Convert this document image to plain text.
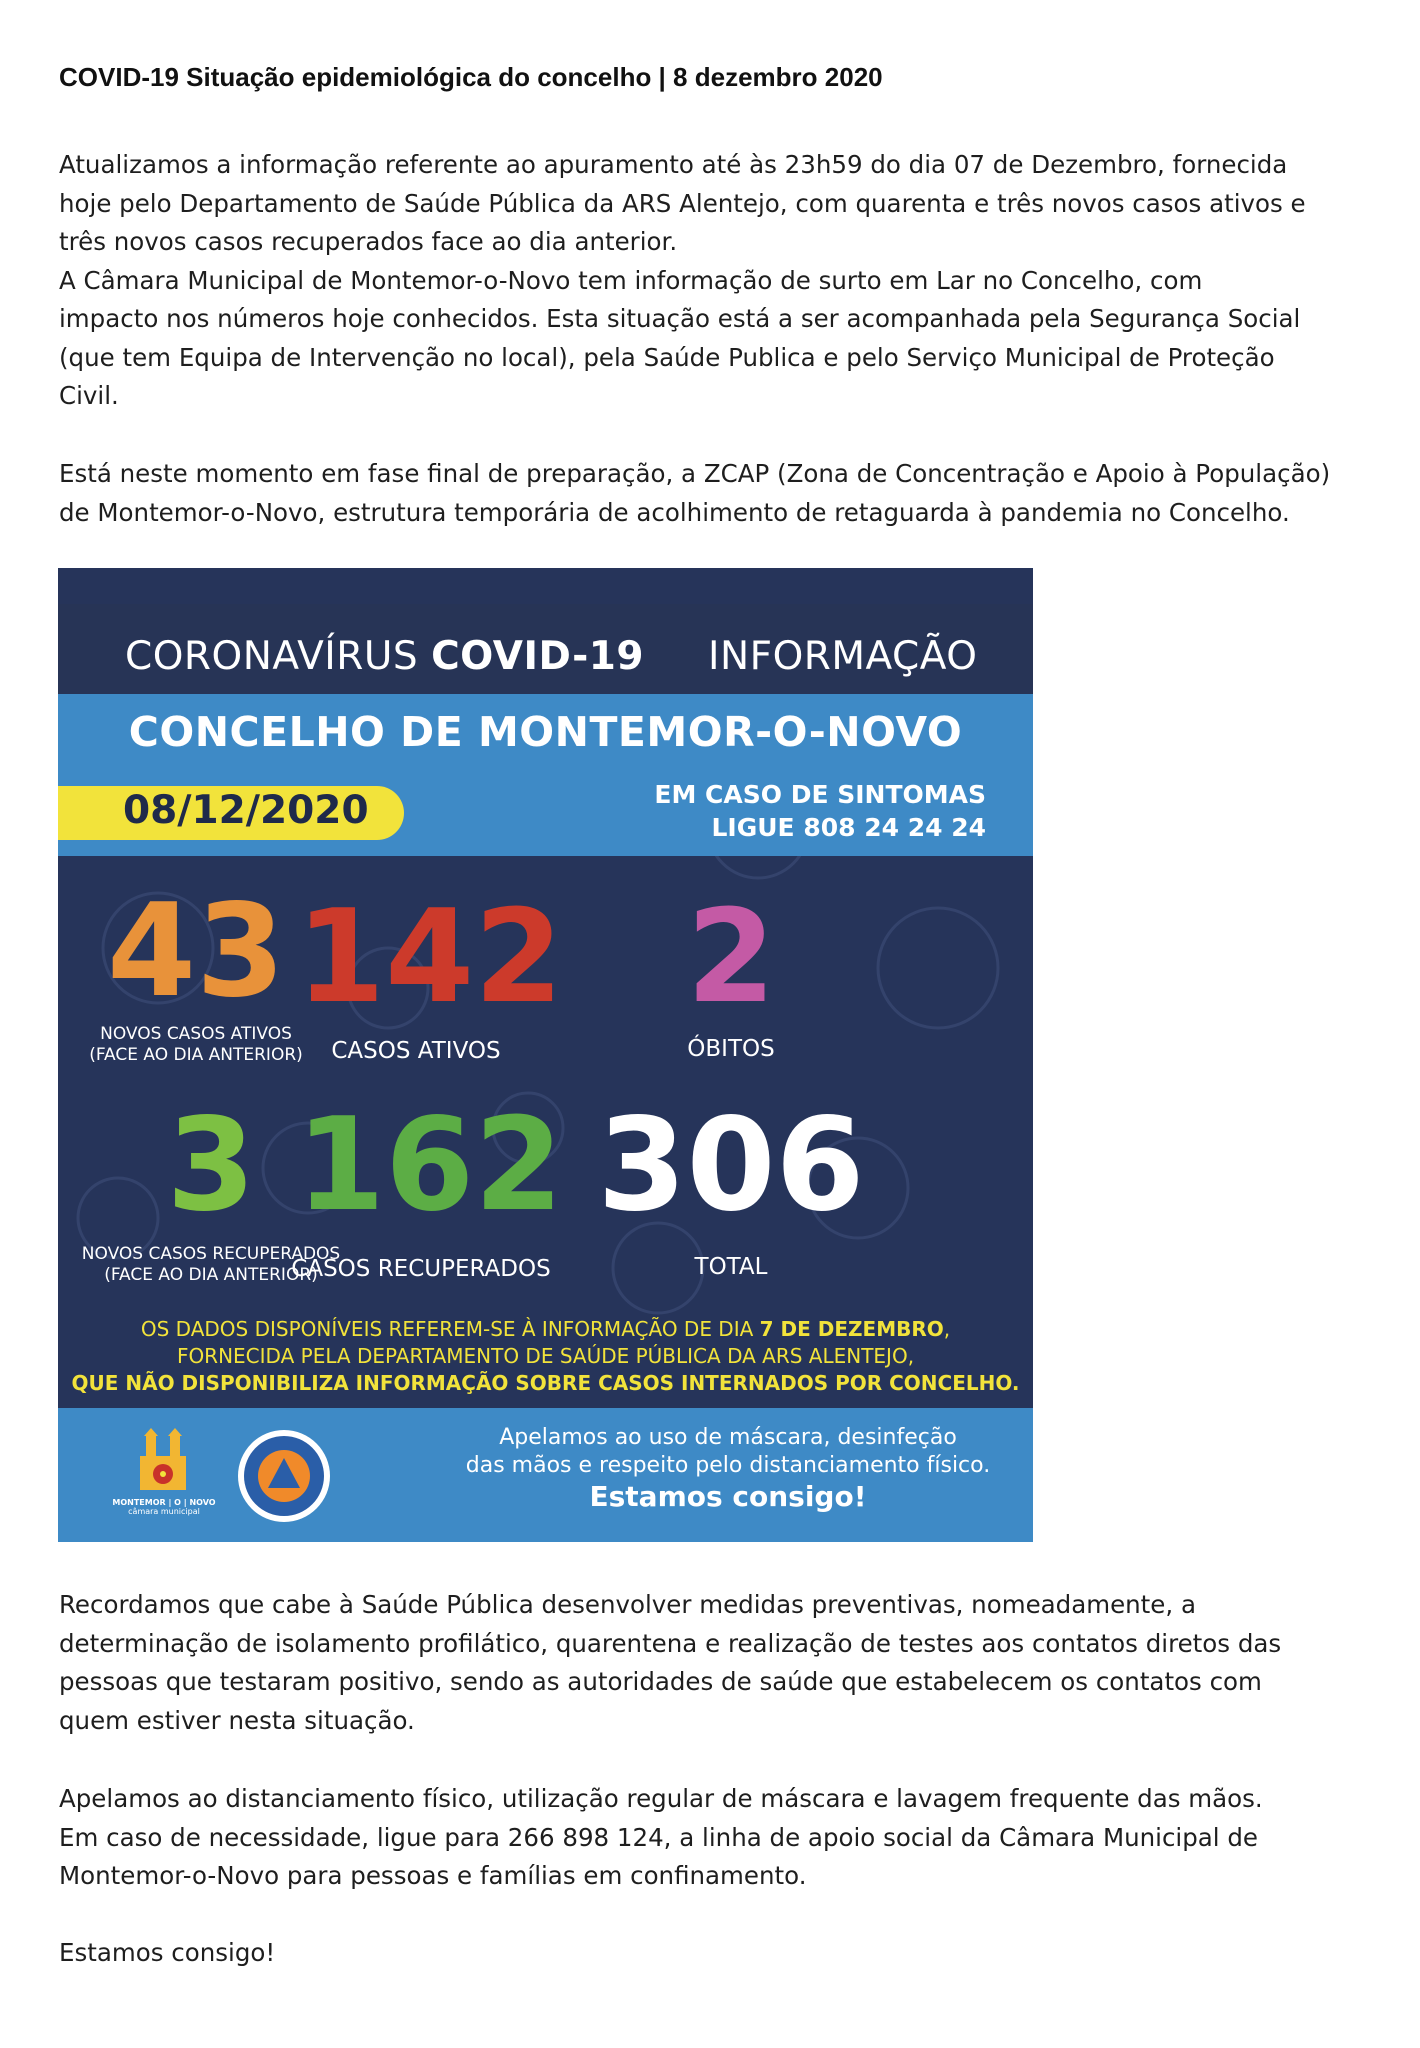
COVID-19 Situação epidemiológica do concelho | 8 dezembro 2020

Atualizamos a informação referente ao apuramento até às 23h59 do dia 07 de Dezembro, fornecida
hoje pelo Departamento de Saúde Pública da ARS Alentejo, com quarenta e três novos casos ativos e
três novos casos recuperados face ao dia anterior.
A Câmara Municipal de Montemor-o-Novo tem informação de surto em Lar no Concelho, com
impacto nos números hoje conhecidos. Esta situação está a ser acompanhada pela Segurança Social
(que tem Equipa de Intervenção no local), pela Saúde Publica e pelo Serviço Municipal de Proteção
Civil.

Está neste momento em fase final de preparação, a ZCAP (Zona de Concentração e Apoio à População)
de Montemor-o-Novo, estrutura temporária de acolhimento de retaguarda à pandemia no Concelho.

CORONAVÍRUS COVID-19 INFORMAÇÃO
CONCELHO DE MONTEMOR-O-NOVO
08/12/2020	EM CASO DE SINTOMAS
LIGUE 808 24 24 24
43
NOVOS CASOS ATIVOS
(FACE AO DIA ANTERIOR)
142
CASOS ATIVOS
2
ÓBITOS
3
NOVOS CASOS RECUPERADOS
(FACE AO DIA ANTERIOR)
162
CASOS RECUPERADOS
306
TOTAL
OS DADOS DISPONÍVEIS REFEREM-SE À INFORMAÇÃO DE DIA 7 DE DEZEMBRO,
FORNECIDA PELA DEPARTAMENTO DE SAÚDE PÚBLICA DA ARS ALENTEJO,
QUE NÃO DISPONIBILIZA INFORMAÇÃO SOBRE CASOS INTERNADOS POR CONCELHO.
MONTEMOR | O | NOVO
câmara municipal
Apelamos ao uso de máscara, desinfeção
das mãos e respeito pelo distanciamento físico.
Estamos consigo!

Recordamos que cabe à Saúde Pública desenvolver medidas preventivas, nomeadamente, a
determinação de isolamento profilático, quarentena e realização de testes aos contatos diretos das
pessoas que testaram positivo, sendo as autoridades de saúde que estabelecem os contatos com
quem estiver nesta situação.

Apelamos ao distanciamento físico, utilização regular de máscara e lavagem frequente das mãos.
Em caso de necessidade, ligue para 266 898 124, a linha de apoio social da Câmara Municipal de
Montemor-o-Novo para pessoas e famílias em confinamento.

Estamos consigo!
